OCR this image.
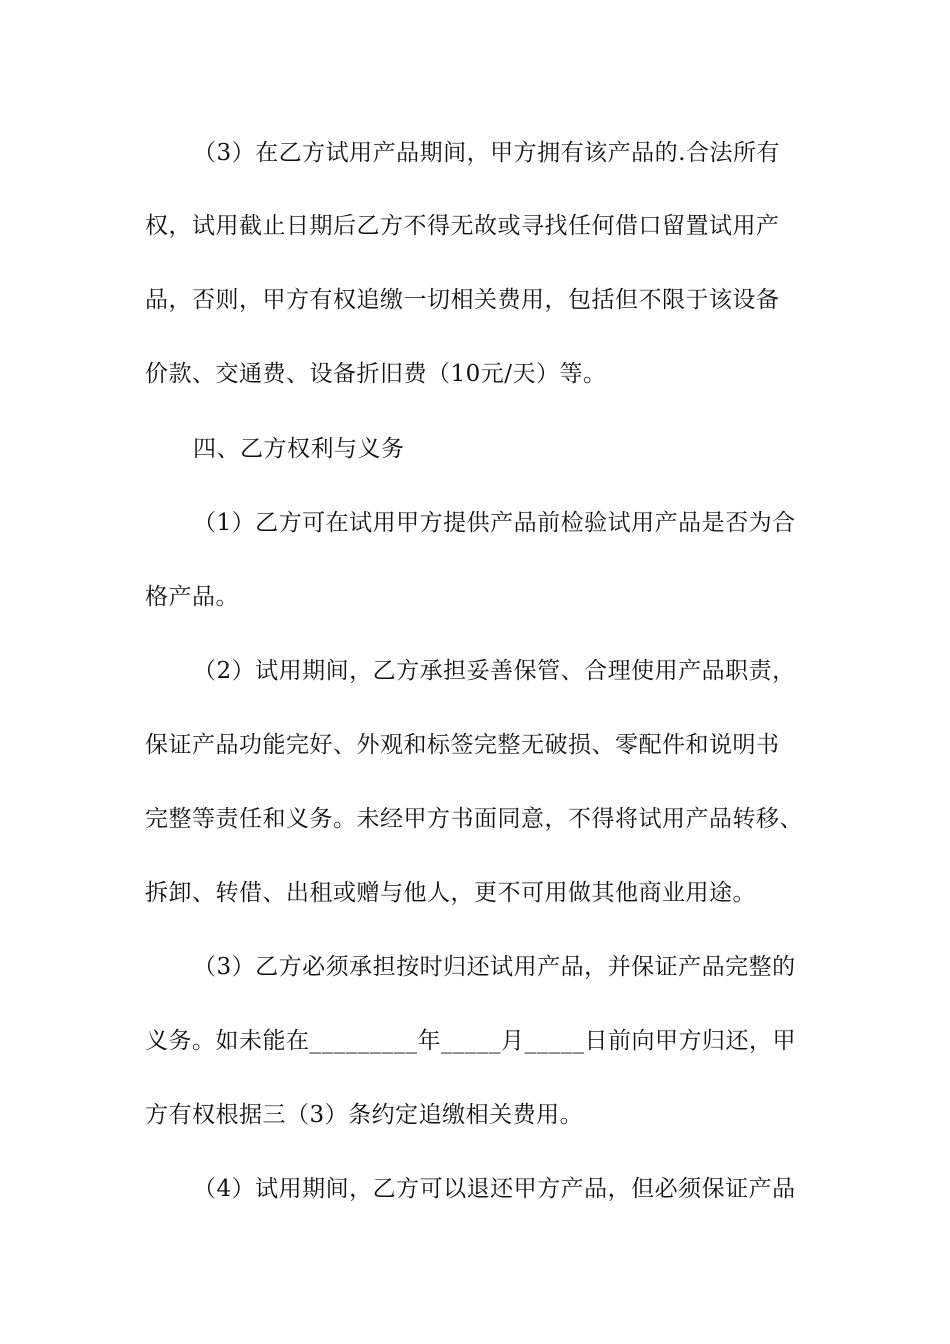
（3）在乙方试用产品期间，甲方拥有该产品的.合法所有
权，试用截止日期后乙方不得无故或寻找任何借口留置试用产
品，否则，甲方有权追缴一切相关费用，包括但不限于该设备
价款、交通费、设备折旧费（10元/天）等。
四、乙方权利与义务
（1）乙方可在试用甲方提供产品前检验试用产品是否为合
格产品。
（2）试用期间，乙方承担妥善保管、合理使用产品职责，
保证产品功能完好、外观和标签完整无破损、零配件和说明书
完整等责任和义务。未经甲方书面同意，不得将试用产品转移、
拆卸、转借、出租或赠与他人，更不可用做其他商业用途。
（3）乙方必须承担按时归还试用产品，并保证产品完整的
义务。如未能在_________年_____月_____日前向甲方归还，甲
方有权根据三（3）条约定追缴相关费用。
（4）试用期间，乙方可以退还甲方产品，但必须保证产品
